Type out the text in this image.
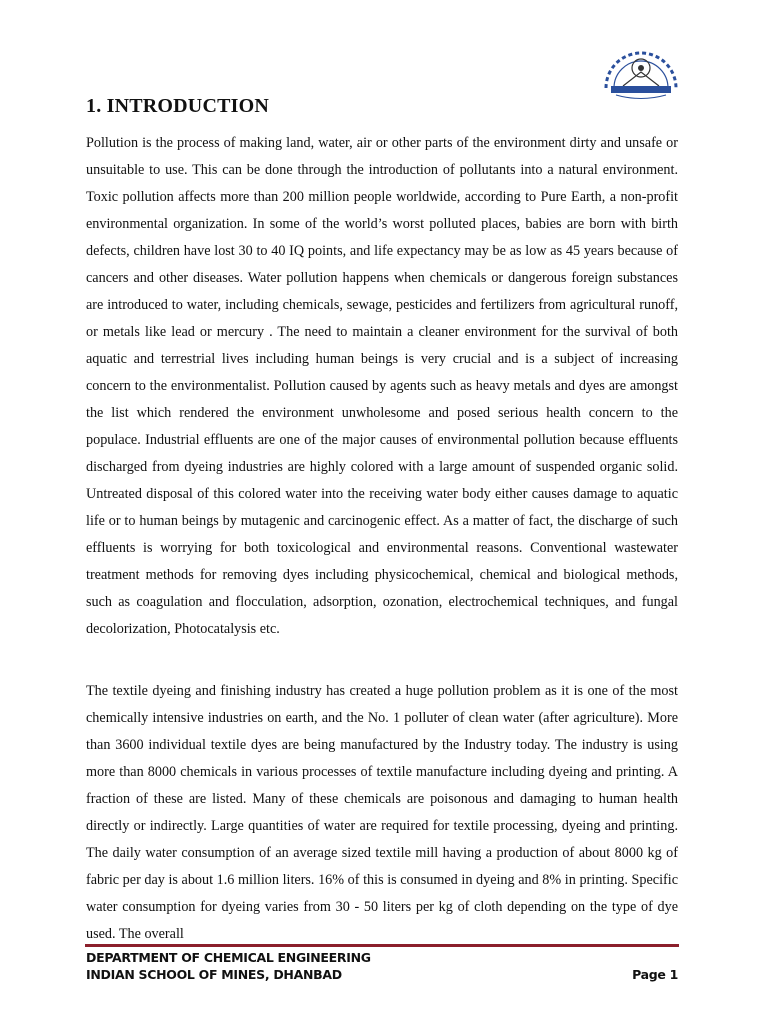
1. INTRODUCTION

Pollution is the process of making land, water, air or other parts of the environment dirty and unsafe or unsuitable to use. This can be done through the introduction of pollutants into a natural environment. Toxic pollution affects more than 200 million people worldwide, according to Pure Earth, a non-profit environmental organization. In some of the world’s worst polluted places, babies are born with birth defects, children have lost 30 to 40 IQ points, and life expectancy may be as low as 45 years because of cancers and other diseases. Water pollution happens when chemicals or dangerous foreign substances are introduced to water, including chemicals, sewage, pesticides and fertilizers from agricultural runoff, or metals like lead or mercury . The need to maintain a cleaner environment for the survival of both aquatic and terrestrial lives including human beings is very crucial and is a subject of increasing concern to the environmentalist. Pollution caused by agents such as heavy metals and dyes are amongst the list which rendered the environment unwholesome and posed serious health concern to the populace. Industrial effluents are one of the major causes of environmental pollution because effluents discharged from dyeing industries are highly colored with a large amount of suspended organic solid. Untreated disposal of this colored water into the receiving water body either causes damage to aquatic life or to human beings by mutagenic and carcinogenic effect. As a matter of fact, the discharge of such effluents is worrying for both toxicological and environmental reasons. Conventional wastewater treatment methods for removing dyes including physicochemical, chemical and biological methods, such as coagulation and flocculation, adsorption, ozonation, electrochemical techniques, and fungal decolorization, Photocatalysis etc.

The textile dyeing and finishing industry has created a huge pollution problem as it is one of the most chemically intensive industries on earth, and the No. 1 polluter of clean water (after agriculture). More than 3600 individual textile dyes are being manufactured by the Industry today. The industry is using more than 8000 chemicals in various processes of textile manufacture including dyeing and printing. A fraction of these are listed. Many of these chemicals are poisonous and damaging to human health directly or indirectly. Large quantities of water are required for textile processing, dyeing and printing. The daily water consumption of an average sized textile mill having a production of about 8000 kg of fabric per day is about 1.6 million liters. 16% of this is consumed in dyeing and 8% in printing. Specific water consumption for dyeing varies from 30 - 50 liters per kg of cloth depending on the type of dye used. The overall

DEPARTMENT OF CHEMICAL ENGINEERING
INDIAN SCHOOL OF MINES, DHANBAD	Page 1
